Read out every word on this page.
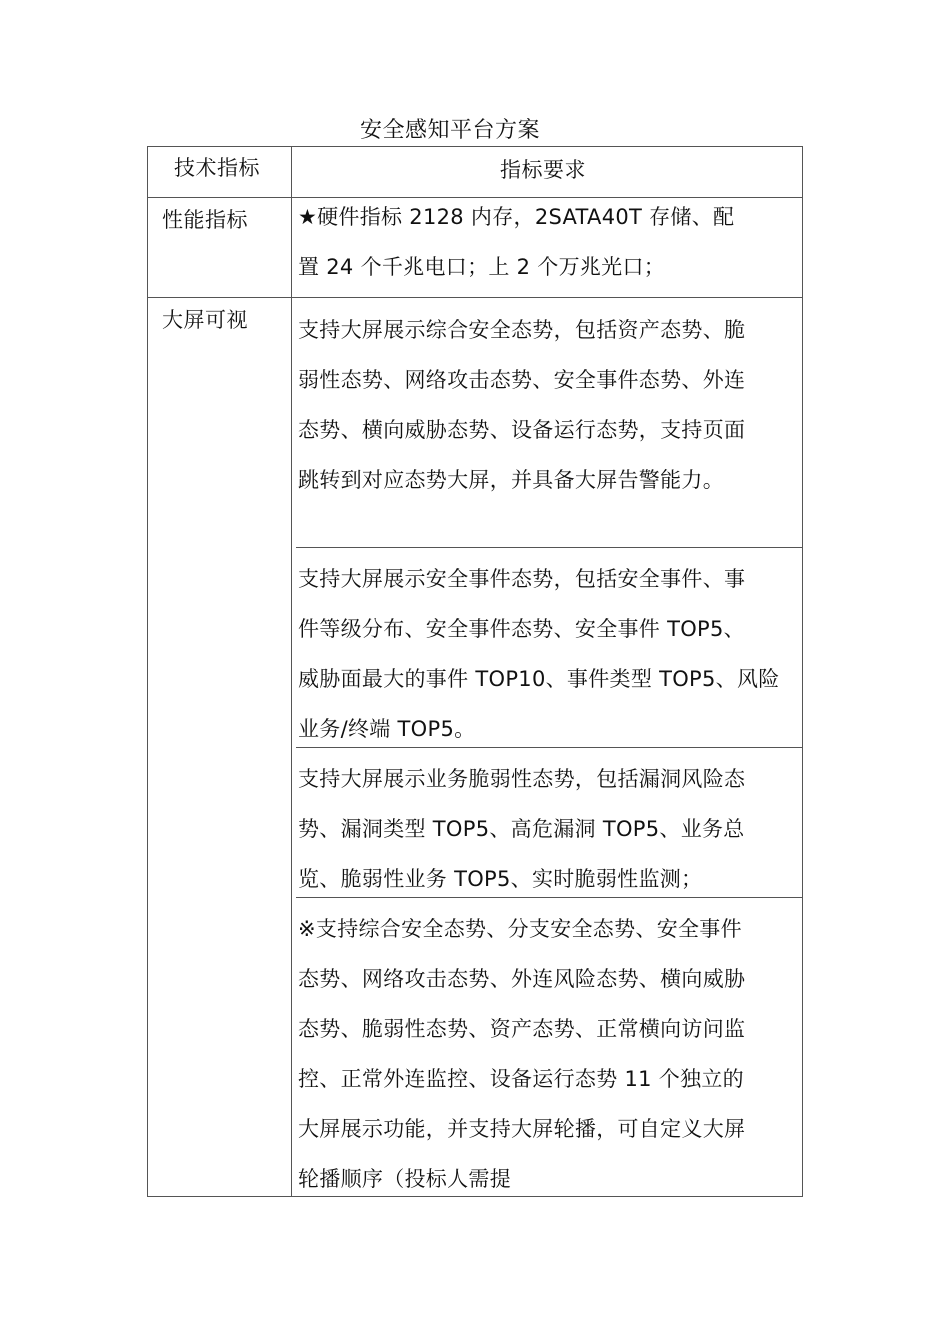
安全感知平台方案
技术指标	指标要求
性能指标 ★硬件指标 2128 内存，2SATA40T 存储、配
置 24 个千兆电口；上 2 个万兆光口；
大屏可视 支持大屏展示综合安全态势，包括资产态势、脆
弱性态势、网络攻击态势、安全事件态势、外连
态势、横向威胁态势、设备运行态势，支持页面
跳转到对应态势大屏，并具备大屏告警能力。
支持大屏展示安全事件态势，包括安全事件、事
件等级分布、安全事件态势、安全事件 TOP5、
威胁面最大的事件 TOP10、事件类型 TOP5、风险
业务/终端 TOP5。
支持大屏展示业务脆弱性态势，包括漏洞风险态
势、漏洞类型 TOP5、高危漏洞 TOP5、业务总
览、脆弱性业务 TOP5、实时脆弱性监测；
※支持综合安全态势、分支安全态势、安全事件
态势、网络攻击态势、外连风险态势、横向威胁
态势、脆弱性态势、资产态势、正常横向访问监
控、正常外连监控、设备运行态势 11 个独立的
大屏展示功能，并支持大屏轮播，可自定义大屏
轮播顺序（投标人需提
